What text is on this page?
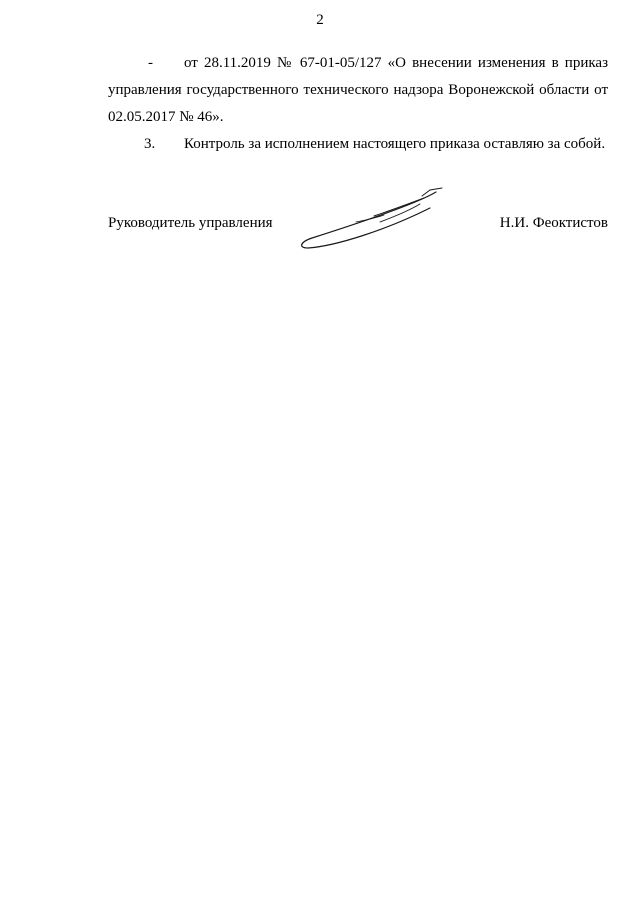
2
- от 28.11.2019 № 67-01-05/127 «О внесении изменения в приказ
управления государственного технического надзора Воронежской области от
02.05.2017 № 46».
3. Контроль за исполнением настоящего приказа оставляю за собой.
Руководитель управления	Н.И. Феоктистов
